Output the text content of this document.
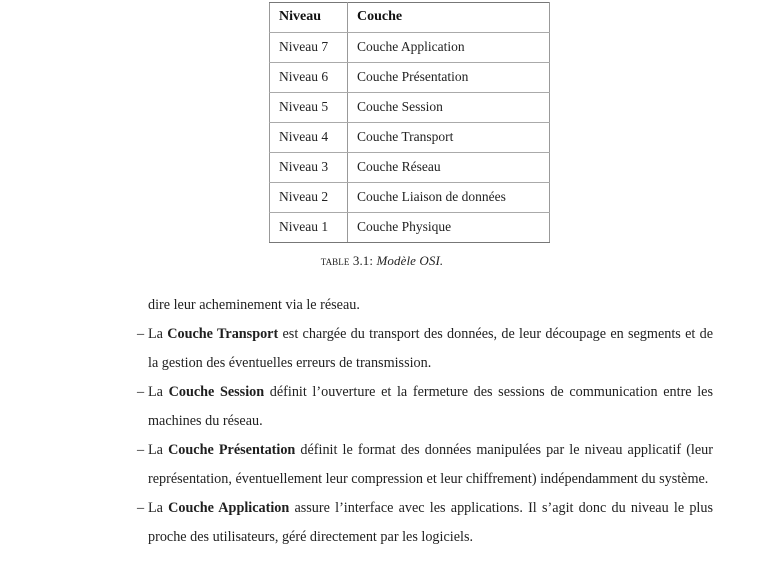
Niveau	Couche
Niveau 7	Couche Application
Niveau 6	Couche Présentation
Niveau 5	Couche Session
Niveau 4	Couche Transport
Niveau 3	Couche Réseau
Niveau 2	Couche Liaison de données
Niveau 1	Couche Physique
table 3.1: Modèle OSI.

dire leur acheminement via le réseau.

– La Couche Transport est chargée du transport des données, de leur découpage en segments et de la gestion des éventuelles erreurs de transmission.
– La Couche Session définit l’ouverture et la fermeture des sessions de communication entre les machines du réseau.
– La Couche Présentation définit le format des données manipulées par le niveau applicatif (leur représentation, éventuellement leur compression et leur chiffrement) indépendamment du système.
– La Couche Application assure l’interface avec les applications. Il s’agit donc du niveau le plus proche des utilisateurs, géré directement par les logiciels.
